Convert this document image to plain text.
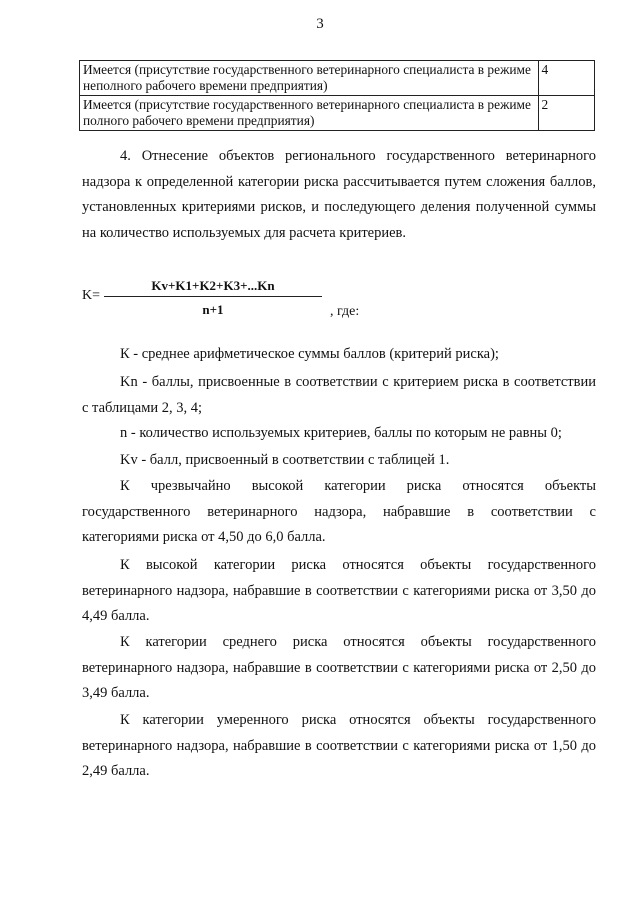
3
Имеется (присутствие государственного ветеринарного специалиста в режиме неполного рабочего времени предприятия)	4
Имеется (присутствие государственного ветеринарного специалиста в режиме полного рабочего времени предприятия)	2

4. Отнесение объектов регионального государственного ветеринарного надзора к определенной категории риска рассчитывается путем сложения баллов, установленных критериями рисков, и последующего деления полученной суммы на количество используемых для расчета критериев.

K=
Kv+K1+K2+K3+...Kn
n+1	, где:

К - среднее арифметическое суммы баллов (критерий риска);

Kn - баллы, присвоенные в соответствии с критерием риска в соответствии с таблицами 2, 3, 4;

n - количество используемых критериев, баллы по которым не равны 0;

Kv - балл, присвоенный в соответствии с таблицей 1.

К чрезвычайно высокой категории риска относятся объекты государственного ветеринарного надзора, набравшие в соответствии с категориями риска от 4,50 до 6,0 балла.

К высокой категории риска относятся объекты государственного ветеринарного надзора, набравшие в соответствии с категориями риска от 3,50 до 4,49 балла.

К категории среднего риска относятся объекты государственного ветеринарного надзора, набравшие в соответствии с категориями риска от 2,50 до 3,49 балла.

К категории умеренного риска относятся объекты государственного ветеринарного надзора, набравшие в соответствии с категориями риска от 1,50 до 2,49 балла.
